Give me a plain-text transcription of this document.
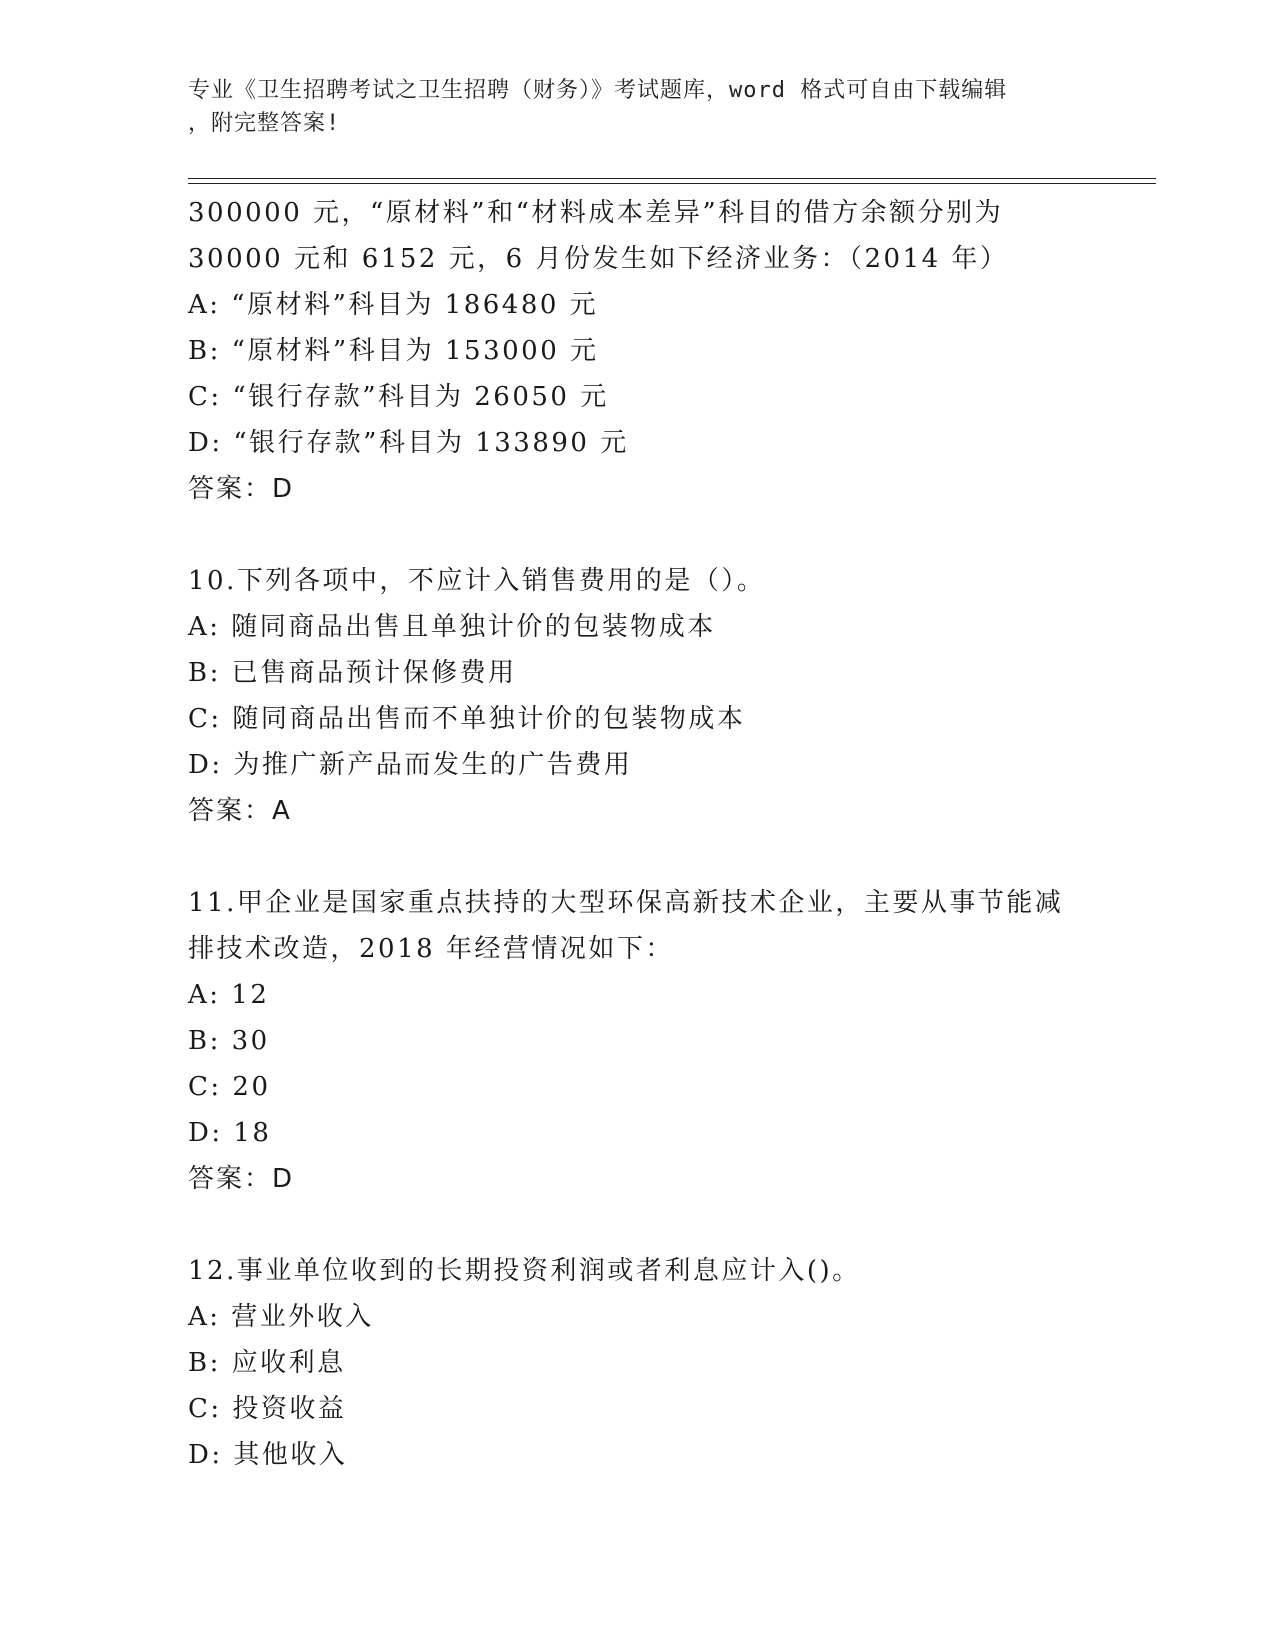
专业《卫生招聘考试之卫生招聘（财务）》考试题库，word 格式可自由下载编辑
，附完整答案!
300000 元，“原材料”和“材料成本差异”科目的借方余额分别为
30000 元和 6152 元，6 月份发生如下经济业务：（2014 年）
A: “原材料”科目为 186480 元
B: “原材料”科目为 153000 元
C: “银行存款”科目为 26050 元
D: “银行存款”科目为 133890 元
答案：D
10.下列各项中，不应计入销售费用的是（）。
A: 随同商品出售且单独计价的包装物成本
B: 已售商品预计保修费用
C: 随同商品出售而不单独计价的包装物成本
D: 为推广新产品而发生的广告费用
答案：A
11.甲企业是国家重点扶持的大型环保高新技术企业，主要从事节能减
排技术改造，2018 年经营情况如下：
A: 12
B: 30
C: 20
D: 18
答案：D
12.事业单位收到的长期投资利润或者利息应计入()。
A: 营业外收入
B: 应收利息
C: 投资收益
D: 其他收入
